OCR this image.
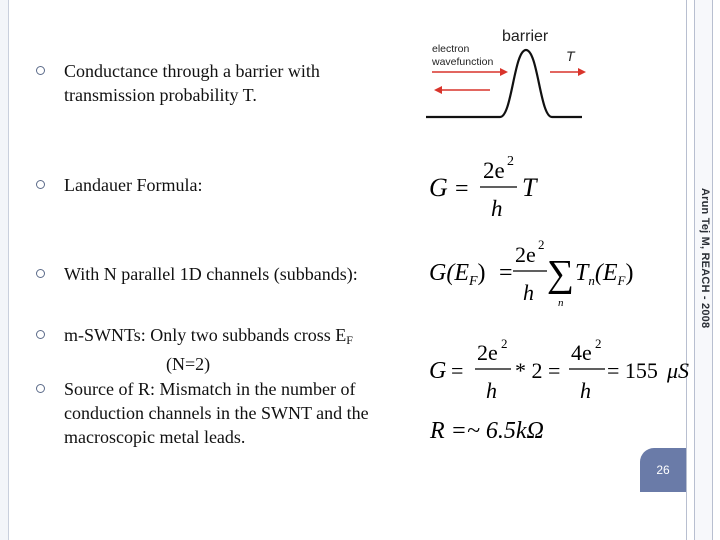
Arun Tej M, REACH - 2008
Conductance through a barrier with
transmission probability T.
Landauer Formula:
With N parallel 1D channels (subbands):
m-SWNTs: Only two subbands cross $E_F$
(N=2)
Source of R: Mismatch in the number of
conduction channels in the SWNT and the
macroscopic metal leads.
barrier
electron
wavefunction	T
G =
2e 2
h
T
$G(E_F)$ =
2e 2
h ∑
n
$T_n(E_F)$
G =
2e 2
h
* 2 =
4e 2
h
= 155 μS
R =~ 6.5kΩ
26
